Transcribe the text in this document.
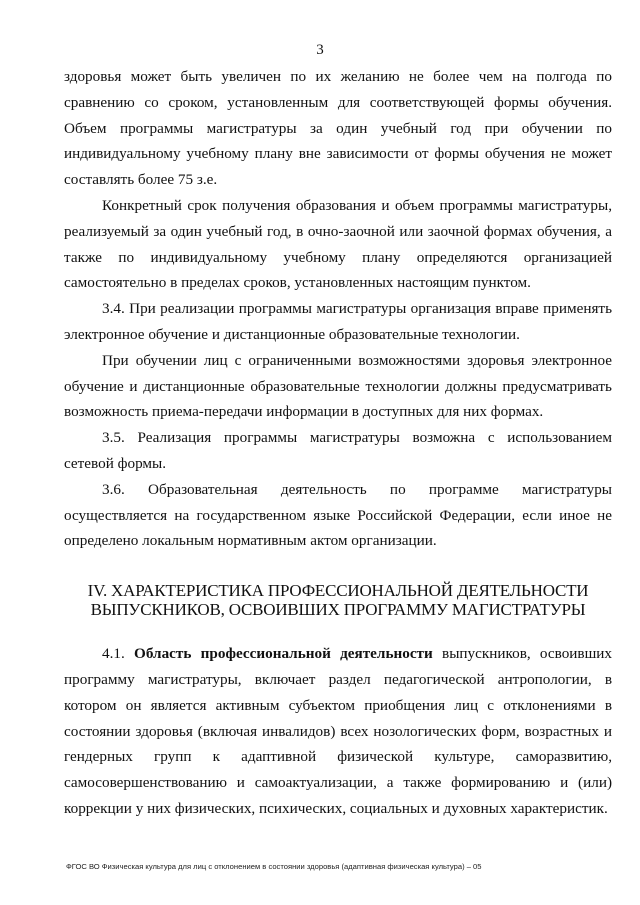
3

здоровья может быть увеличен по их желанию не более чем на полгода по сравнению со сроком, установленным для соответствующей формы обучения. Объем программы магистратуры за один учебный год при обучении по индивидуальному учебному плану вне зависимости от формы обучения не может составлять более 75 з.е.

Конкретный срок получения образования и объем программы магистратуры, реализуемый за один учебный год, в очно-заочной или заочной формах обучения, а также по индивидуальному учебному плану определяются организацией самостоятельно в пределах сроков, установленных настоящим пунктом.

3.4. При реализации программы магистратуры организация вправе применять электронное обучение и дистанционные образовательные технологии.

При обучении лиц с ограниченными возможностями здоровья электронное обучение и дистанционные образовательные технологии должны предусматривать возможность приема-передачи информации в доступных для них формах.

3.5. Реализация программы магистратуры возможна с использованием сетевой формы.

3.6. Образовательная деятельность по программе магистратуры осуществляется на государственном языке Российской Федерации, если иное не определено локальным нормативным актом организации.

IV. ХАРАКТЕРИСТИКА ПРОФЕССИОНАЛЬНОЙ ДЕЯТЕЛЬНОСТИ
ВЫПУСКНИКОВ, ОСВОИВШИХ ПРОГРАММУ МАГИСТРАТУРЫ

4.1. Область профессиональной деятельности выпускников, освоивших программу магистратуры, включает раздел педагогической антропологии, в котором он является активным субъектом приобщения лиц с отклонениями в состоянии здоровья (включая инвалидов) всех нозологических форм, возрастных и гендерных групп к адаптивной физической культуре, саморазвитию, самосовершенствованию и самоактуализации, а также формированию и (или) коррекции у них физических, психических, социальных и духовных характеристик.

ФГОС ВО Физическая культура для лиц с отклонением в состоянии здоровья (адаптивная физическая культура) – 05
